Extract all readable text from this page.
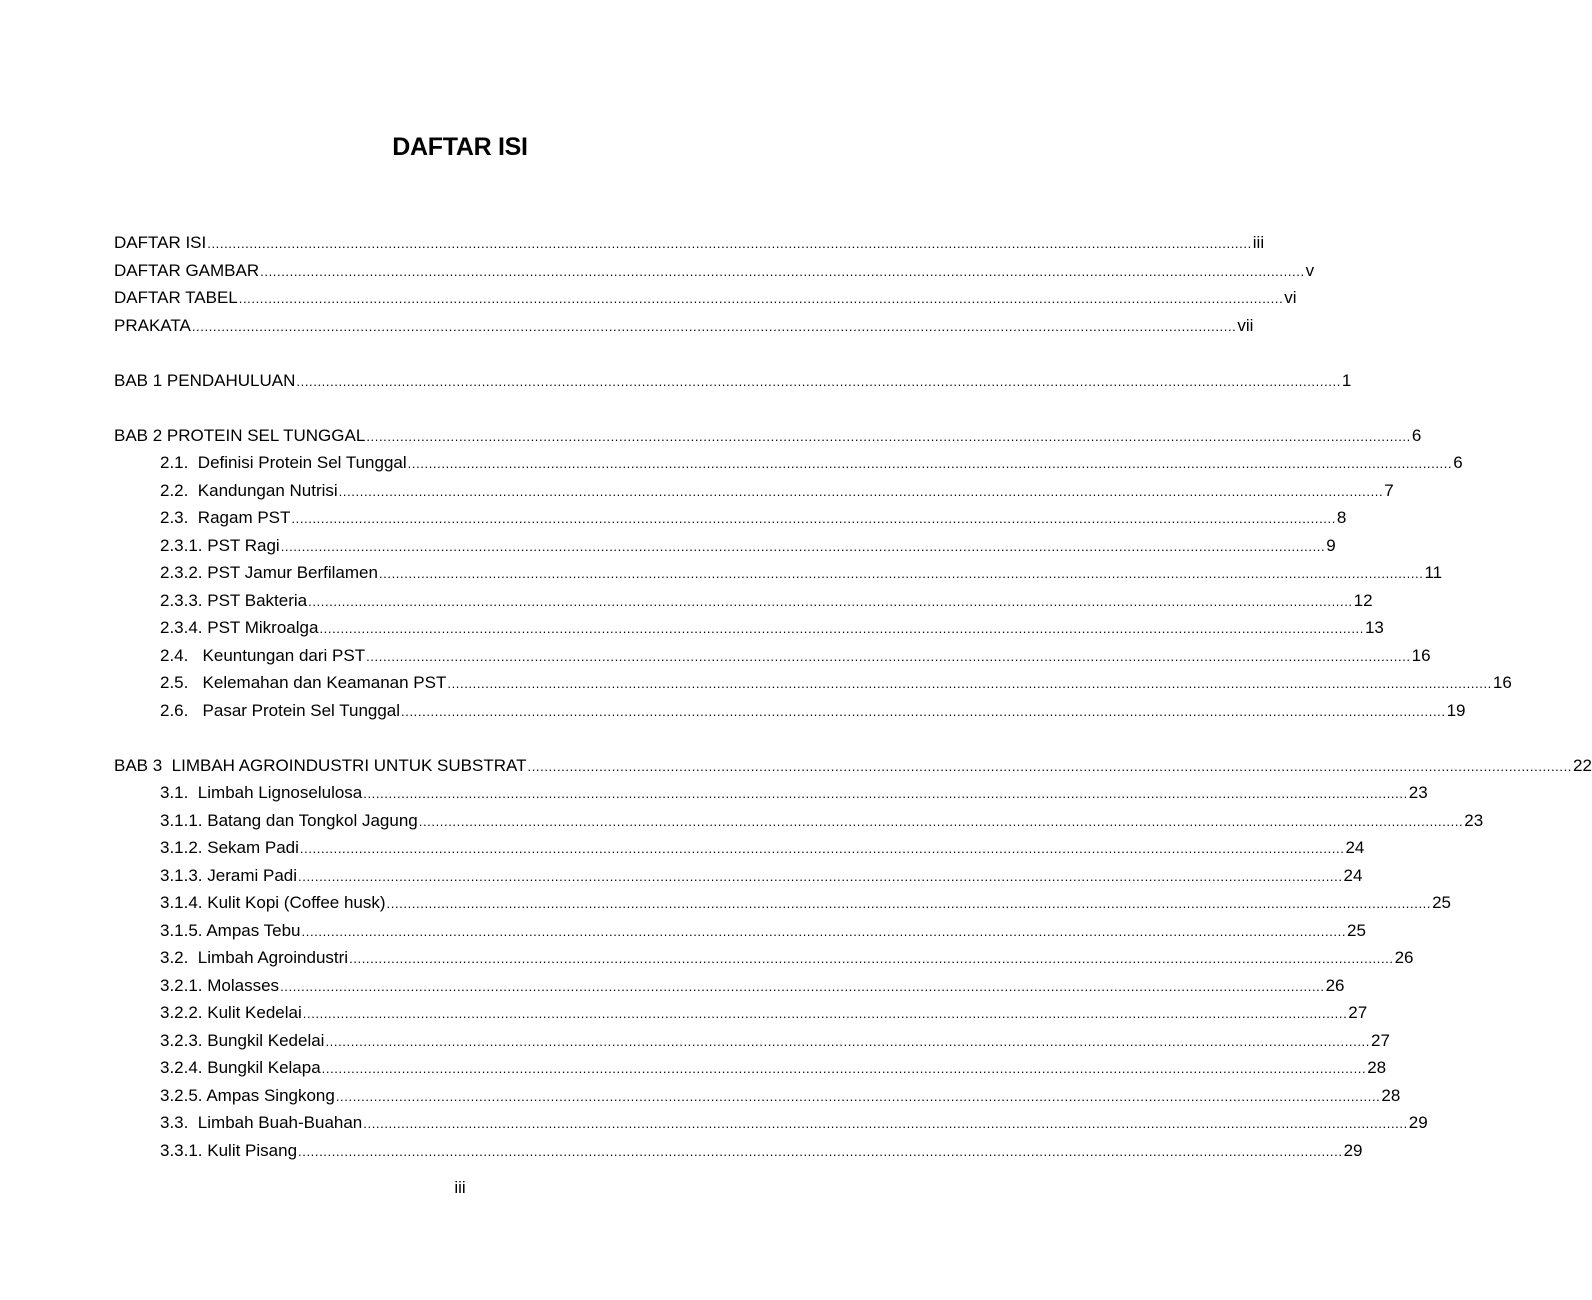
DAFTAR ISI
DAFTAR ISI ........................................................................................................................................................................................................................................................ iii
DAFTAR GAMBAR ........................................................................................................................................................................................................................................................ v
DAFTAR TABEL ........................................................................................................................................................................................................................................................ vi
PRAKATA ........................................................................................................................................................................................................................................................ vii
BAB 1 PENDAHULUAN ........................................................................................................................................................................................................................................................ 1
BAB 2 PROTEIN SEL TUNGGAL ........................................................................................................................................................................................................................................................ 6
2.1.  Definisi Protein Sel Tunggal ........................................................................................................................................................................................................................................................ 6
2.2.  Kandungan Nutrisi ........................................................................................................................................................................................................................................................ 7
2.3.  Ragam PST ........................................................................................................................................................................................................................................................ 8
2.3.1. PST Ragi ........................................................................................................................................................................................................................................................ 9
2.3.2. PST Jamur Berfilamen ........................................................................................................................................................................................................................................................ 11
2.3.3. PST Bakteria ........................................................................................................................................................................................................................................................ 12
2.3.4. PST Mikroalga ........................................................................................................................................................................................................................................................ 13
2.4.   Keuntungan dari PST ........................................................................................................................................................................................................................................................ 16
2.5.   Kelemahan dan Keamanan PST ........................................................................................................................................................................................................................................................ 16
2.6.   Pasar Protein Sel Tunggal ........................................................................................................................................................................................................................................................ 19
BAB 3  LIMBAH AGROINDUSTRI UNTUK SUBSTRAT ........................................................................................................................................................................................................................................................ 22
3.1.  Limbah Lignoselulosa ........................................................................................................................................................................................................................................................ 23
3.1.1. Batang dan Tongkol Jagung ........................................................................................................................................................................................................................................................ 23
3.1.2. Sekam Padi ........................................................................................................................................................................................................................................................ 24
3.1.3. Jerami Padi ........................................................................................................................................................................................................................................................ 24
3.1.4. Kulit Kopi (Coffee husk) ........................................................................................................................................................................................................................................................ 25
3.1.5. Ampas Tebu ........................................................................................................................................................................................................................................................ 25
3.2.  Limbah Agroindustri ........................................................................................................................................................................................................................................................ 26
3.2.1. Molasses ........................................................................................................................................................................................................................................................ 26
3.2.2. Kulit Kedelai ........................................................................................................................................................................................................................................................ 27
3.2.3. Bungkil Kedelai ........................................................................................................................................................................................................................................................ 27
3.2.4. Bungkil Kelapa ........................................................................................................................................................................................................................................................ 28
3.2.5. Ampas Singkong ........................................................................................................................................................................................................................................................ 28
3.3.  Limbah Buah-Buahan ........................................................................................................................................................................................................................................................ 29
3.3.1. Kulit Pisang ........................................................................................................................................................................................................................................................ 29
iii
